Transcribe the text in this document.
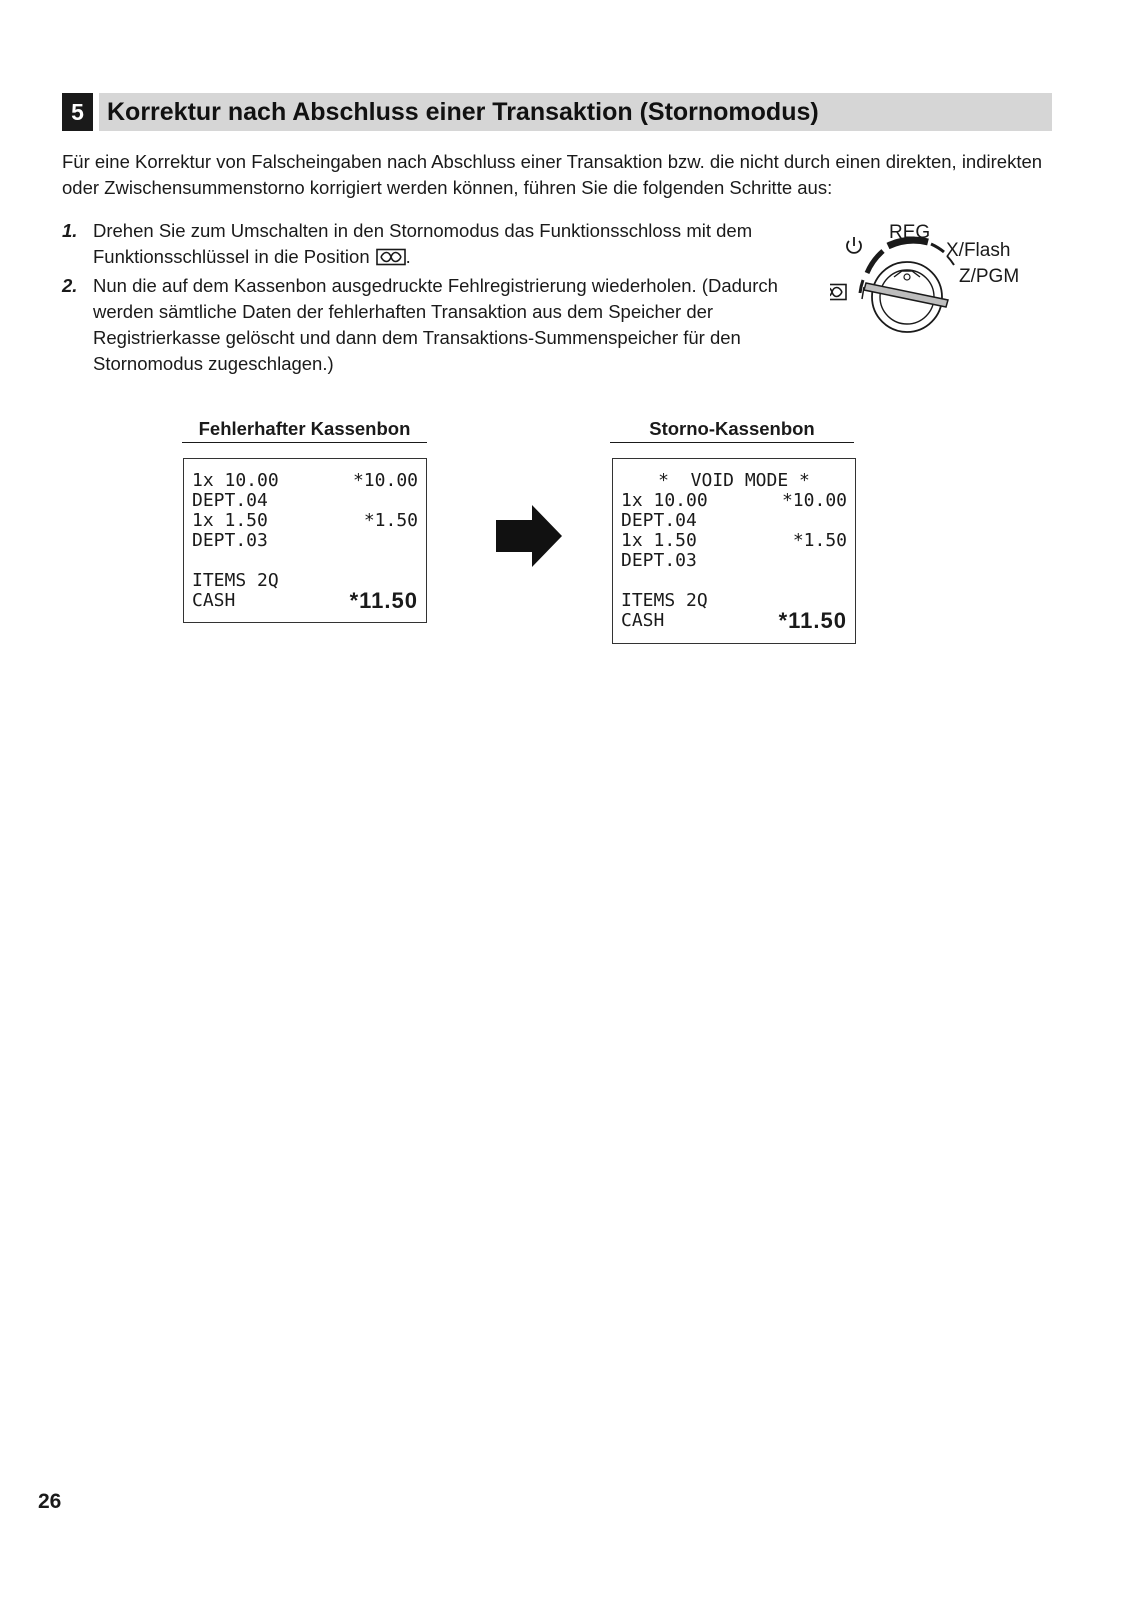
5 Korrektur nach Abschluss einer Transaktion (Stornomodus)

Für eine Korrektur von Falscheingaben nach Abschluss einer Transaktion bzw. die nicht durch einen direkten, indirekten oder Zwischensummenstorno korrigiert werden können, führen Sie die folgenden Schritte aus:

1. Drehen Sie zum Umschalten in den Stornomodus das Funktionsschloss mit dem Funktionsschlüssel in die Position .
2. Nun die auf dem Kassenbon ausgedruckte Fehlregistrierung wiederholen. (Dadurch werden sämtliche Daten der fehlerhaften Transaktion aus dem Speicher der Registrierkasse gelöscht und dann dem Transaktions-Summenspeicher für den Stornomodus zugeschlagen.)
REG
X/Flash
Z/PGM
Fehlerhafter Kassenbon	Storno-Kassenbon
1x 10.00	*10.00
DEPT.04
1x 1.50	*1.50
DEPT.03
ITEMS 2Q
CASH	*11.50
*  VOID MODE *
1x 10.00	*10.00
DEPT.04
1x 1.50	*1.50
DEPT.03
ITEMS 2Q
CASH	*11.50
26
